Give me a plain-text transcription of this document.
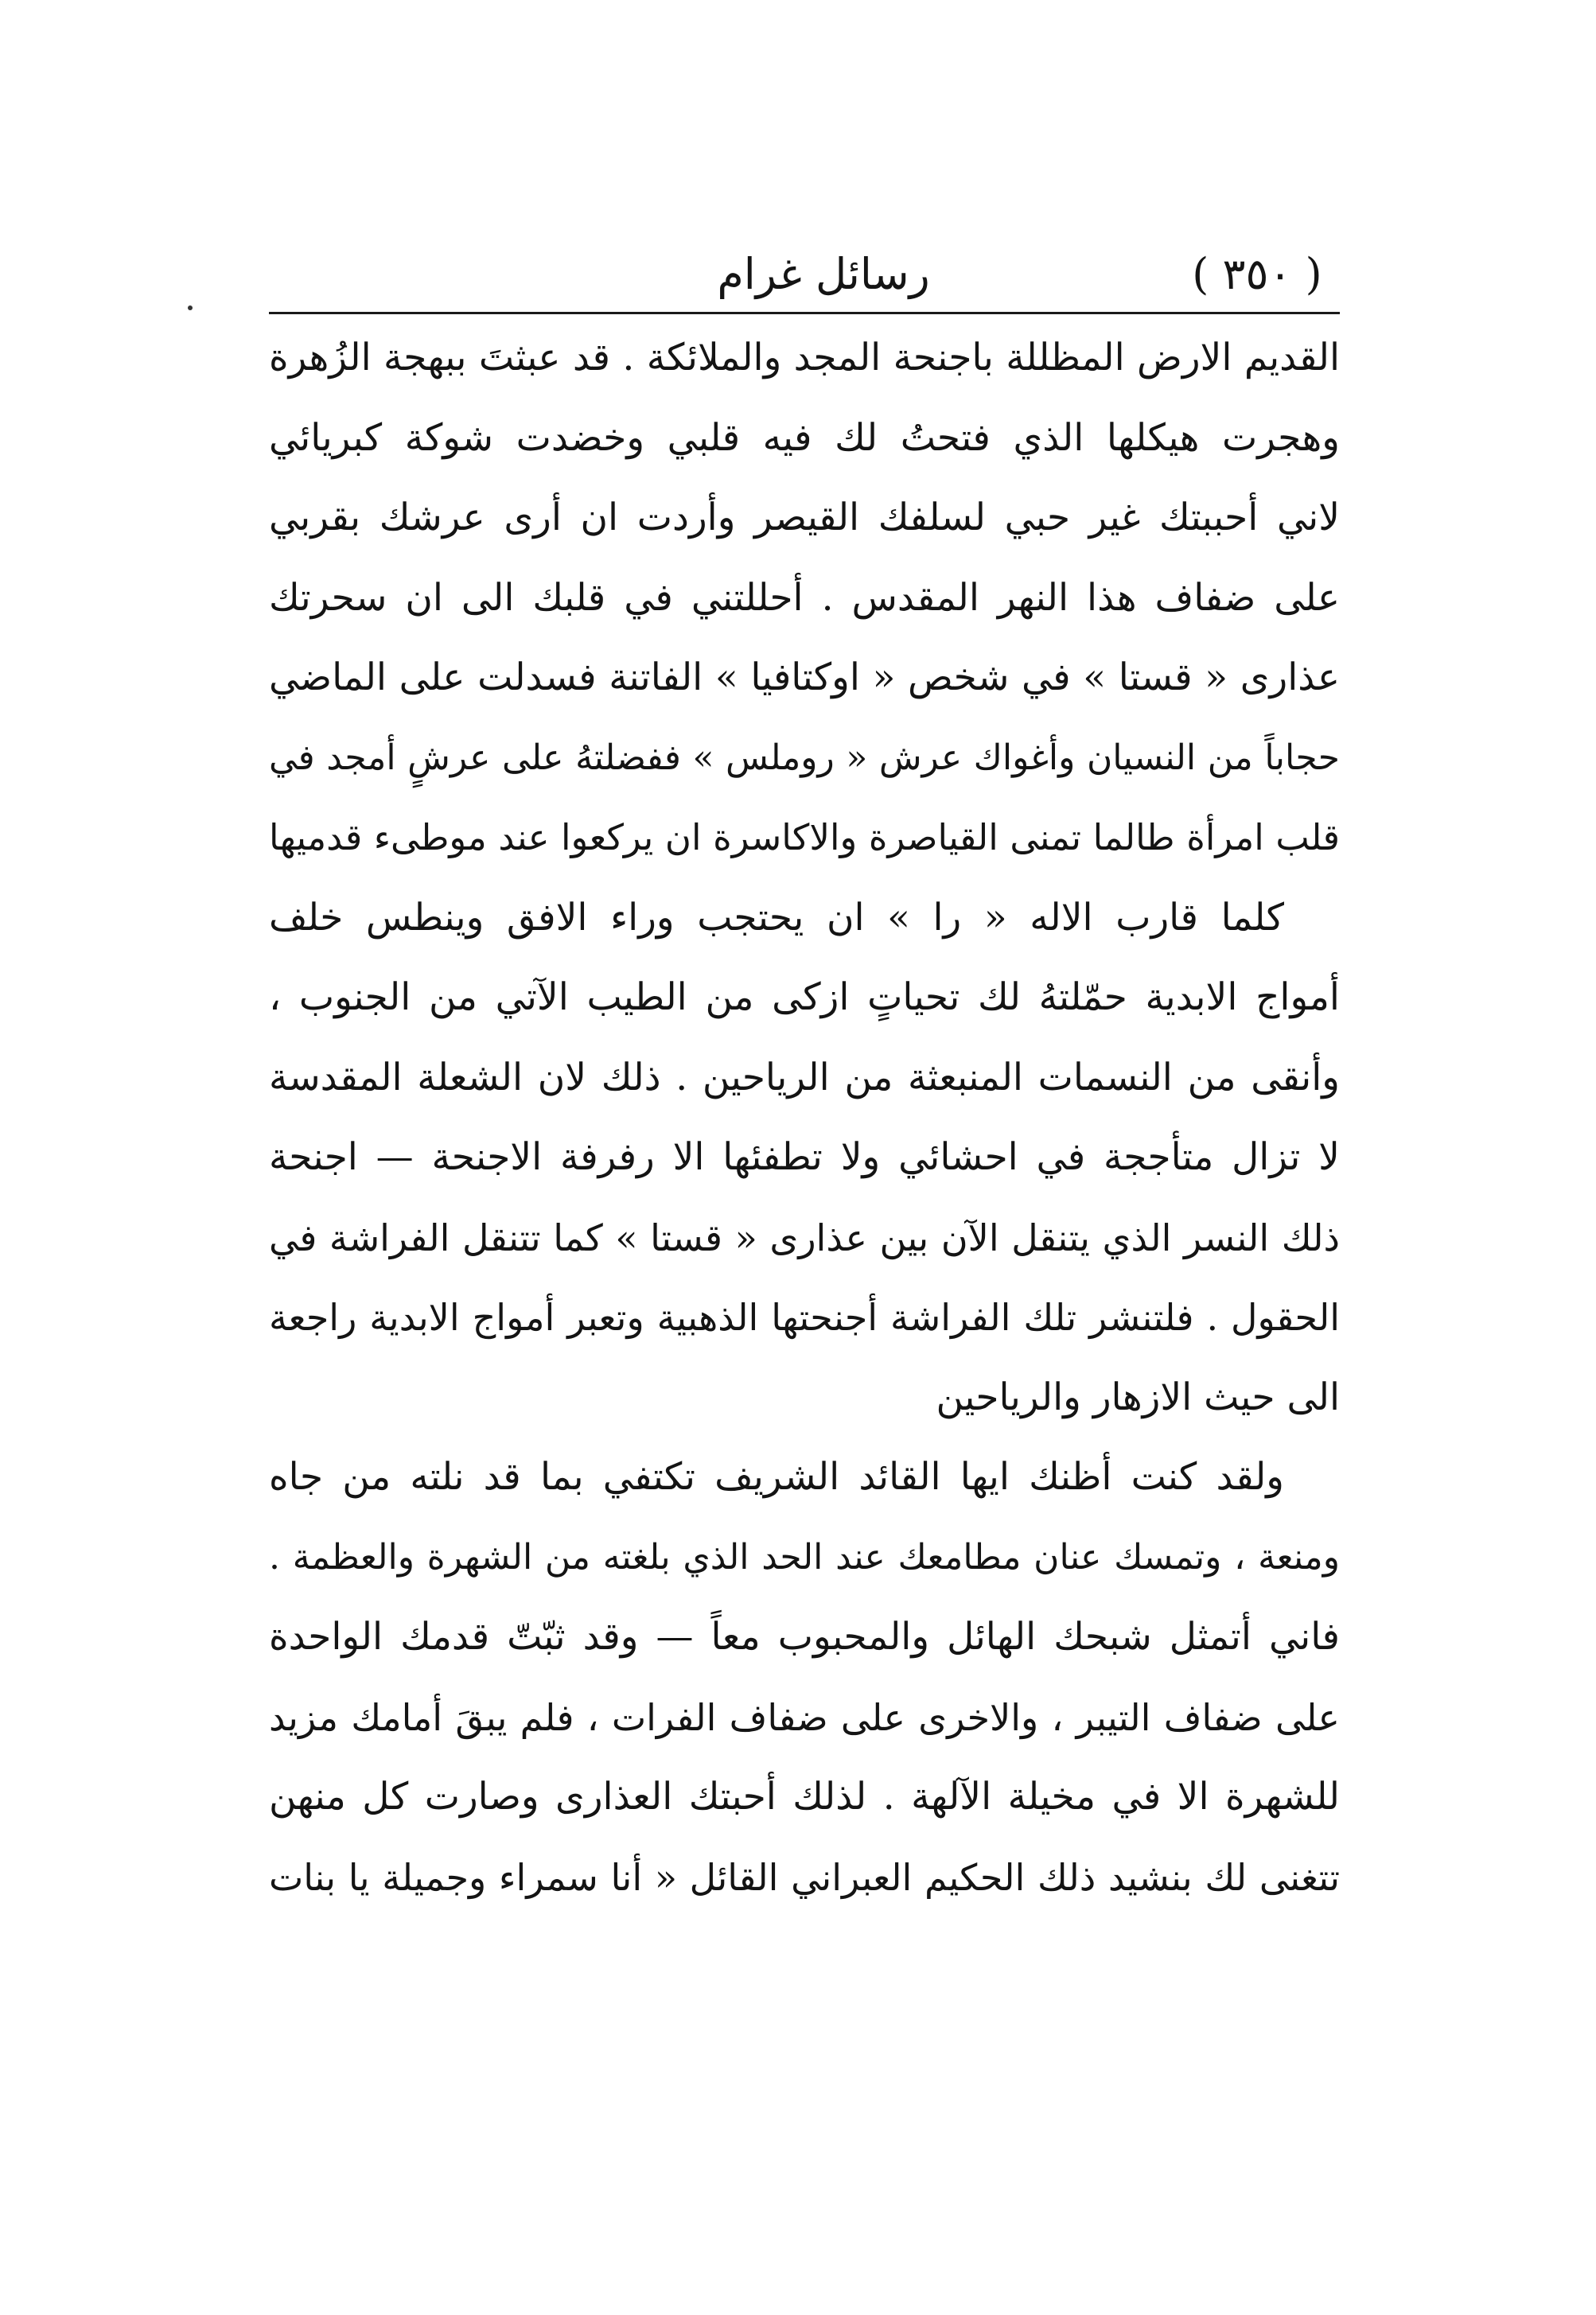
( ٣٥٠ )
رسائل غرام
القديم الارض المظللة باجنحة المجد والملائكة . قد عبثتَ ببهجة الزُهرة
وهجرت هيكلها الذي فتحتُ لك فيه قلبي وخضدت شوكة كبريائي
لاني أحببتك غير حبي لسلفك القيصر وأردت ان أرى عرشك بقربي
على ضفاف هذا النهر المقدس . أحللتني في قلبك الى ان سحرتك
عذارى « قستا » في شخص « اوكتافيا » الفاتنة فسدلت على الماضي
حجاباً من النسيان وأغواك عرش « روملس » ففضلتهُ على عرشٍ أمجد في
قلب امرأة طالما تمنى القياصرة والاكاسرة ان يركعوا عند موطىء قدميها
كلما قارب الاله « را » ان يحتجب وراء الافق وينطس خلف
أمواج الابدية حمّلتهُ لك تحياتٍ ازكى من الطيب الآتي من الجنوب ،
وأنقى من النسمات المنبعثة من الرياحين . ذلك لان الشعلة المقدسة
لا تزال متأججة في احشائي ولا تطفئها الا رفرفة الاجنحة — اجنحة
ذلك النسر الذي يتنقل الآن بين عذارى « قستا » كما تتنقل الفراشة في
الحقول . فلتنشر تلك الفراشة أجنحتها الذهبية وتعبر أمواج الابدية راجعة
الى حيث الازهار والرياحين
ولقد كنت أظنك ايها القائد الشريف تكتفي بما قد نلته من جاه
ومنعة ، وتمسك عنان مطامعك عند الحد الذي بلغته من الشهرة والعظمة .
فاني أتمثل شبحك الهائل والمحبوب معاً — وقد ثبّتّ قدمك الواحدة
على ضفاف التيبر ، والاخرى على ضفاف الفرات ، فلم يبقَ أمامك مزيد
للشهرة الا في مخيلة الآلهة . لذلك أحبتك العذارى وصارت كل منهن
تتغنى لك بنشيد ذلك الحكيم العبراني القائل « أنا سمراء وجميلة يا بنات
